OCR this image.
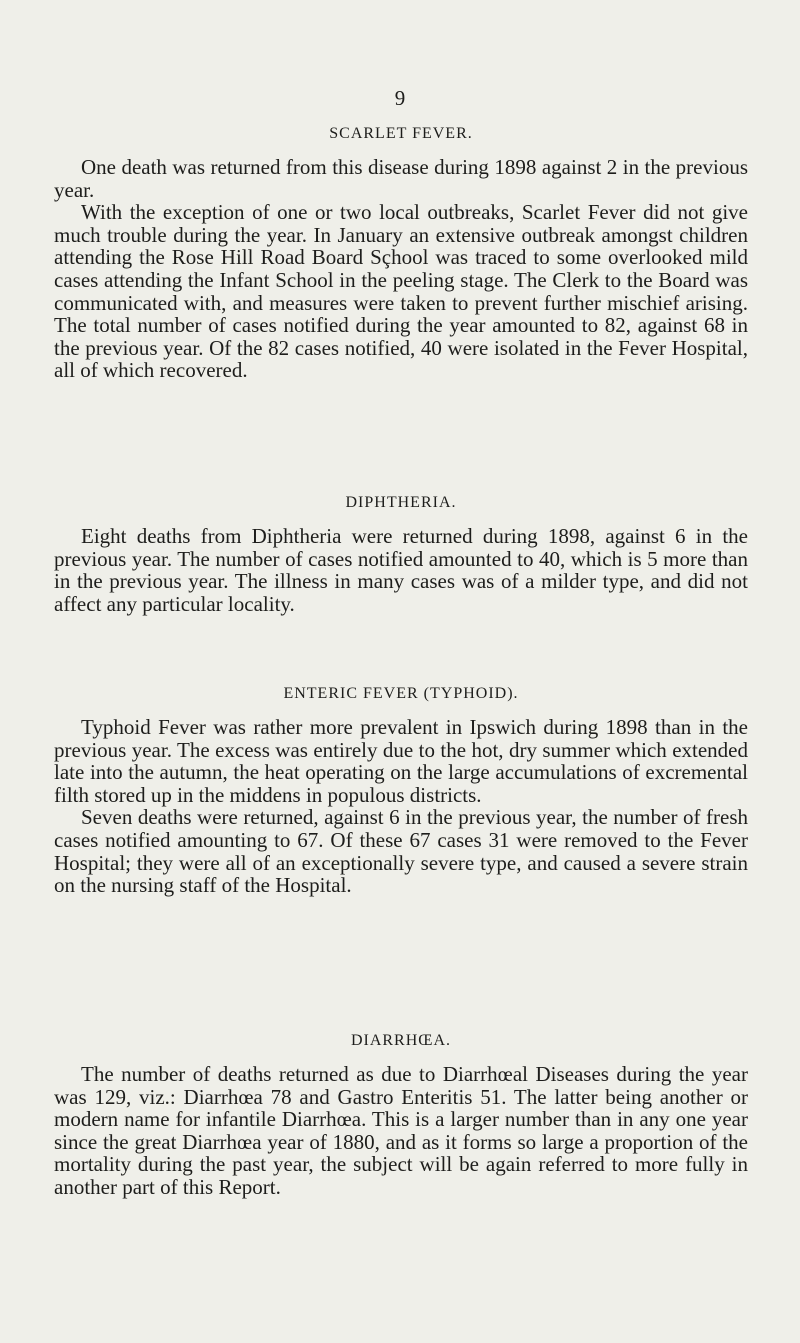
9
SCARLET FEVER.

One death was returned from this disease during 1898 against 2 in the previous year.

With the exception of one or two local outbreaks, Scarlet Fever did not give much trouble during the year. In January an extensive outbreak amongst children attending the Rose Hill Road Board Sçhool was traced to some overlooked mild cases attending the Infant School in the peeling stage. The Clerk to the Board was communicated with, and measures were taken to prevent further mischief arising. The total number of cases notified during the year amounted to 82, against 68 in the previous year. Of the 82 cases notified, 40 were isolated in the Fever Hospital, all of which recovered.

DIPHTHERIA.

Eight deaths from Diphtheria were returned during 1898, against 6 in the previous year. The number of cases notified amounted to 40, which is 5 more than in the previous year. The illness in many cases was of a milder type, and did not affect any particular locality.

ENTERIC FEVER (TYPHOID).

Typhoid Fever was rather more prevalent in Ipswich during 1898 than in the previous year. The excess was entirely due to the hot, dry summer which extended late into the autumn, the heat operating on the large accumulations of excremental filth stored up in the middens in populous districts.

Seven deaths were returned, against 6 in the previous year, the number of fresh cases notified amounting to 67. Of these 67 cases 31 were removed to the Fever Hospital; they were all of an exceptionally severe type, and caused a severe strain on the nursing staff of the Hospital.

DIARRHŒA.

The number of deaths returned as due to Diarrhœal Diseases during the year was 129, viz.: Diarrhœa 78 and Gastro Enteritis 51. The latter being another or modern name for infantile Diarrhœa. This is a larger number than in any one year since the great Diarrhœa year of 1880, and as it forms so large a proportion of the mortality during the past year, the subject will be again referred to more fully in another part of this Report.
